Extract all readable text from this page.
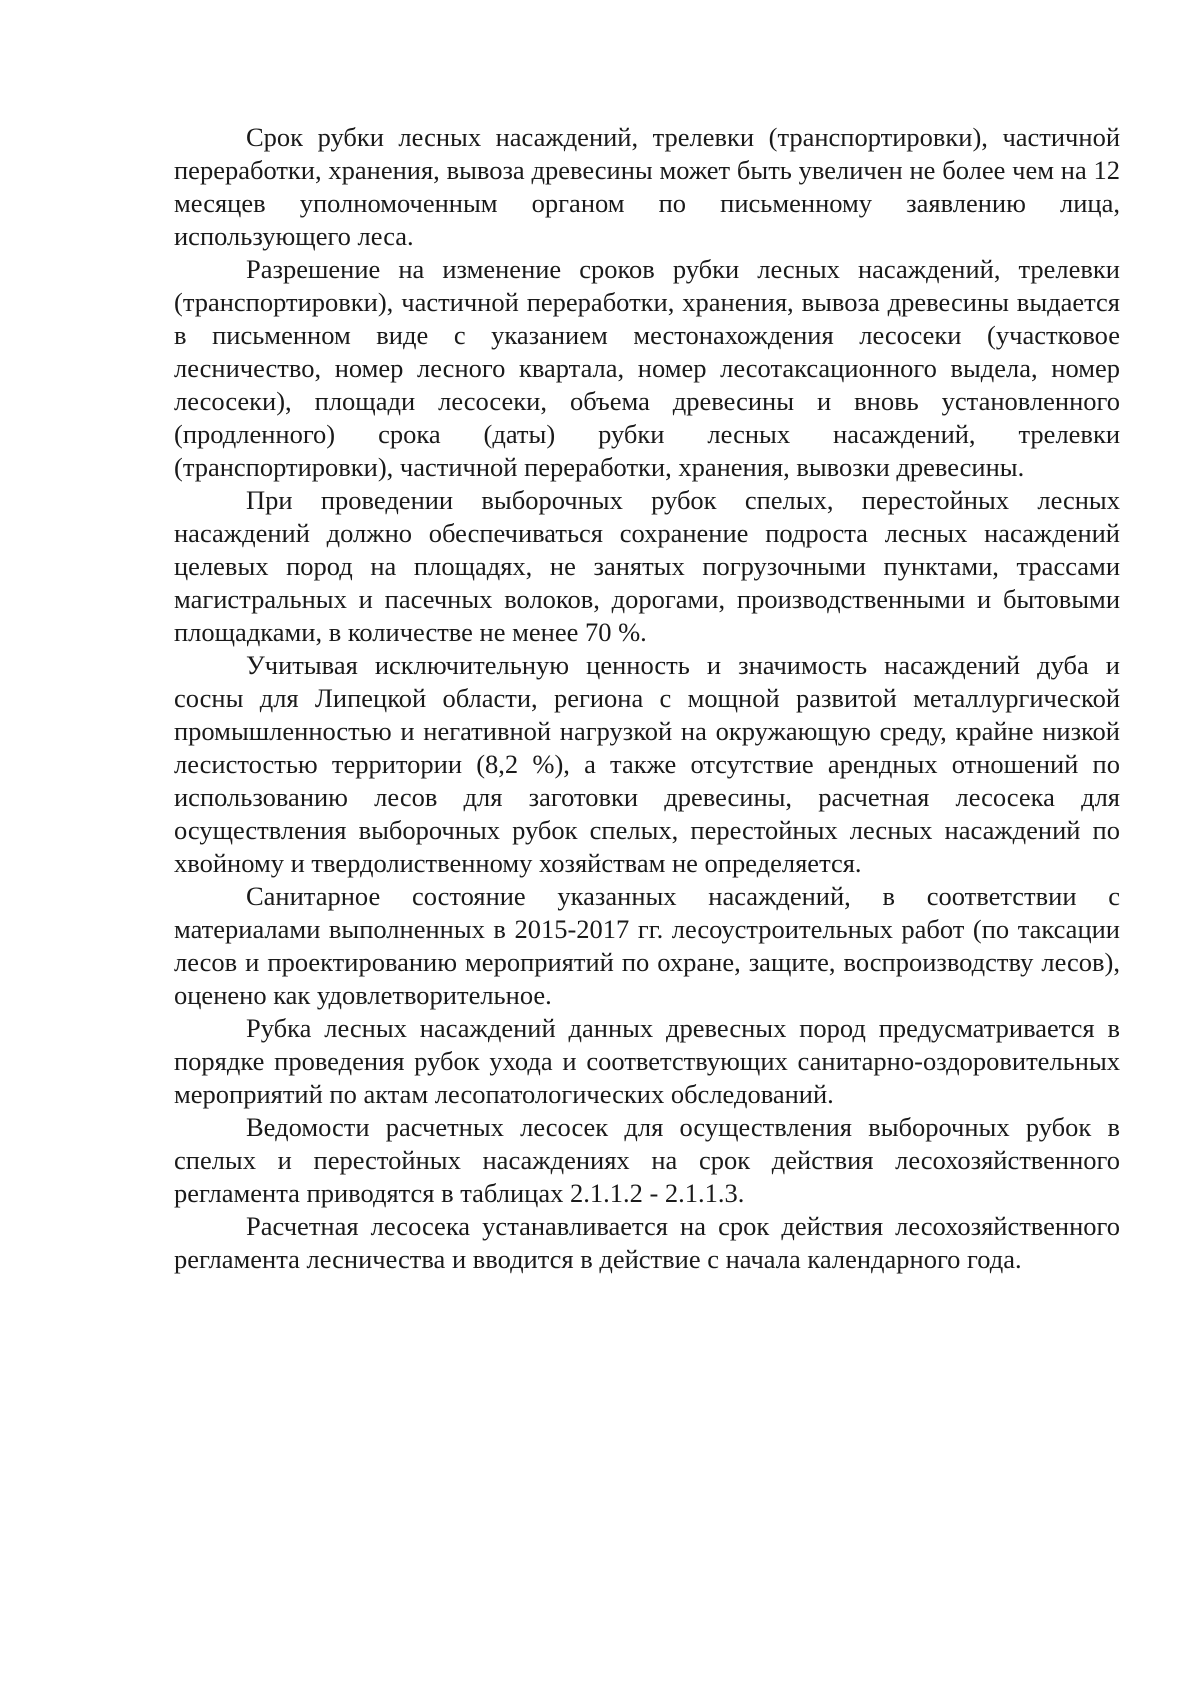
Срок рубки лесных насаждений, трелевки (транспортировки), частичной переработки, хранения, вывоза древесины может быть увеличен не более чем на 12 месяцев уполномоченным органом по письменному заявлению лица, использующего леса.

Разрешение на изменение сроков рубки лесных насаждений, трелевки (транспортировки), частичной переработки, хранения, вывоза древесины выдается в письменном виде с указанием местонахождения лесосеки (участковое лесничество, номер лесного квартала, номер лесотаксационного выдела, номер лесосеки), площади лесосеки, объема древесины и вновь установленного (продленного) срока (даты) рубки лесных насаждений, трелевки (транспортировки), частичной переработки, хранения, вывозки древесины.

При проведении выборочных рубок спелых, перестойных лесных насаждений должно обеспечиваться сохранение подроста лесных насаждений целевых пород на площадях, не занятых погрузочными пунктами, трассами магистральных и пасечных волоков, дорогами, производственными и бытовыми площадками, в количестве не менее 70 %.

Учитывая исключительную ценность и значимость насаждений дуба и сосны для Липецкой области, региона с мощной развитой металлургической промышленностью и негативной нагрузкой на окружающую среду, крайне низкой лесистостью территории (8,2 %), а также отсутствие арендных отношений по использованию лесов для заготовки древесины, расчетная лесосека для осуществления выборочных рубок спелых, перестойных лесных насаждений по хвойному и твердолиственному хозяйствам не определяется.

Санитарное состояние указанных насаждений, в соответствии с материалами выполненных в 2015-2017 гг. лесоустроительных работ (по таксации лесов и проектированию мероприятий по охране, защите, воспроизводству лесов), оценено как удовлетворительное.

Рубка лесных насаждений данных древесных пород предусматривается в порядке проведения рубок ухода и соответствующих санитарно-оздоровительных мероприятий по актам лесопатологических обследований.

Ведомости расчетных лесосек для осуществления выборочных рубок в спелых и перестойных насаждениях на срок действия лесохозяйственного регламента приводятся в таблицах 2.1.1.2 - 2.1.1.3.

Расчетная лесосека устанавливается на срок действия лесохозяйственного регламента лесничества и вводится в действие с начала календарного года.
